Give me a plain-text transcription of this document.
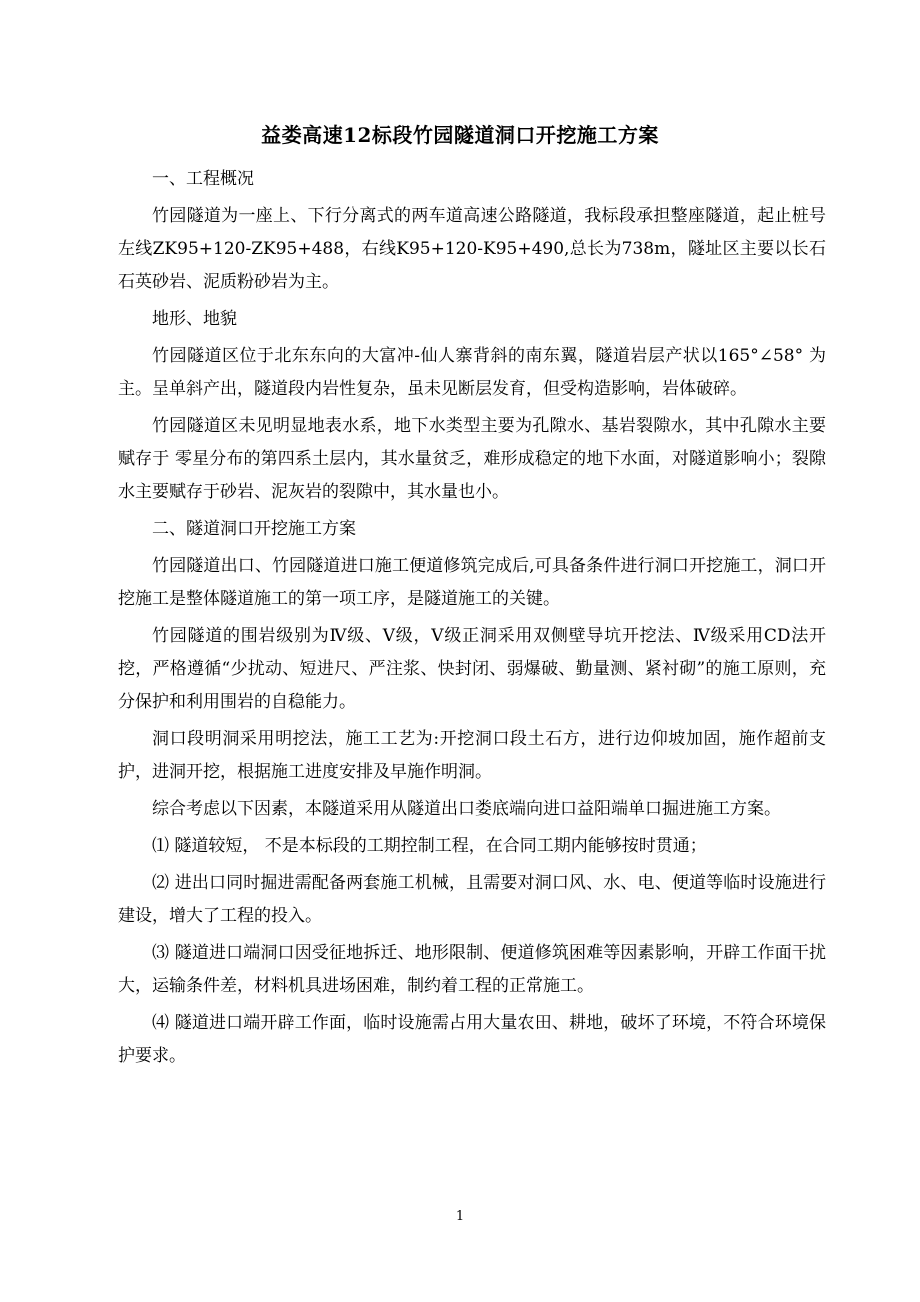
益娄高速12标段竹园隧道洞口开挖施工方案

一、工程概况

竹园隧道为一座上、下行分离式的两车道高速公路隧道，我标段承担整座隧道，起止桩号左线ZK95+120-ZK95+488，右线K95+120-K95+490,总长为738m，隧址区主要以长石石英砂岩、泥质粉砂岩为主。

地形、地貌

竹园隧道区位于北东东向的大富冲-仙人寨背斜的南东翼，隧道岩层产状以165°∠58° 为主。呈单斜产出，隧道段内岩性复杂，虽未见断层发育，但受构造影响，岩体破碎。

竹园隧道区未见明显地表水系，地下水类型主要为孔隙水、基岩裂隙水，其中孔隙水主要赋存于 零星分布的第四系土层内，其水量贫乏，难形成稳定的地下水面，对隧道影响小；裂隙水主要赋存于砂岩、泥灰岩的裂隙中，其水量也小。

二、隧道洞口开挖施工方案

竹园隧道出口、竹园隧道进口施工便道修筑完成后,可具备条件进行洞口开挖施工，洞口开挖施工是整体隧道施工的第一项工序，是隧道施工的关键。

竹园隧道的围岩级别为Ⅳ级、Ⅴ级，Ⅴ级正洞采用双侧壁导坑开挖法、Ⅳ级采用CD法开挖，严格遵循“少扰动、短进尺、严注浆、快封闭、弱爆破、勤量测、紧衬砌”的施工原则，充分保护和利用围岩的自稳能力。

洞口段明洞采用明挖法，施工工艺为:开挖洞口段土石方，进行边仰坡加固，施作超前支护，进洞开挖，根据施工进度安排及早施作明洞。

综合考虑以下因素，本隧道采用从隧道出口娄底端向进口益阳端单口掘进施工方案。

⑴ 隧道较短， 不是本标段的工期控制工程，在合同工期内能够按时贯通；

⑵ 进出口同时掘进需配备两套施工机械，且需要对洞口风、水、电、便道等临时设施进行建设，增大了工程的投入。

⑶ 隧道进口端洞口因受征地拆迁、地形限制、便道修筑困难等因素影响，开辟工作面干扰大，运输条件差，材料机具进场困难，制约着工程的正常施工。

⑷ 隧道进口端开辟工作面，临时设施需占用大量农田、耕地，破坏了环境，不符合环境保护要求。

1
